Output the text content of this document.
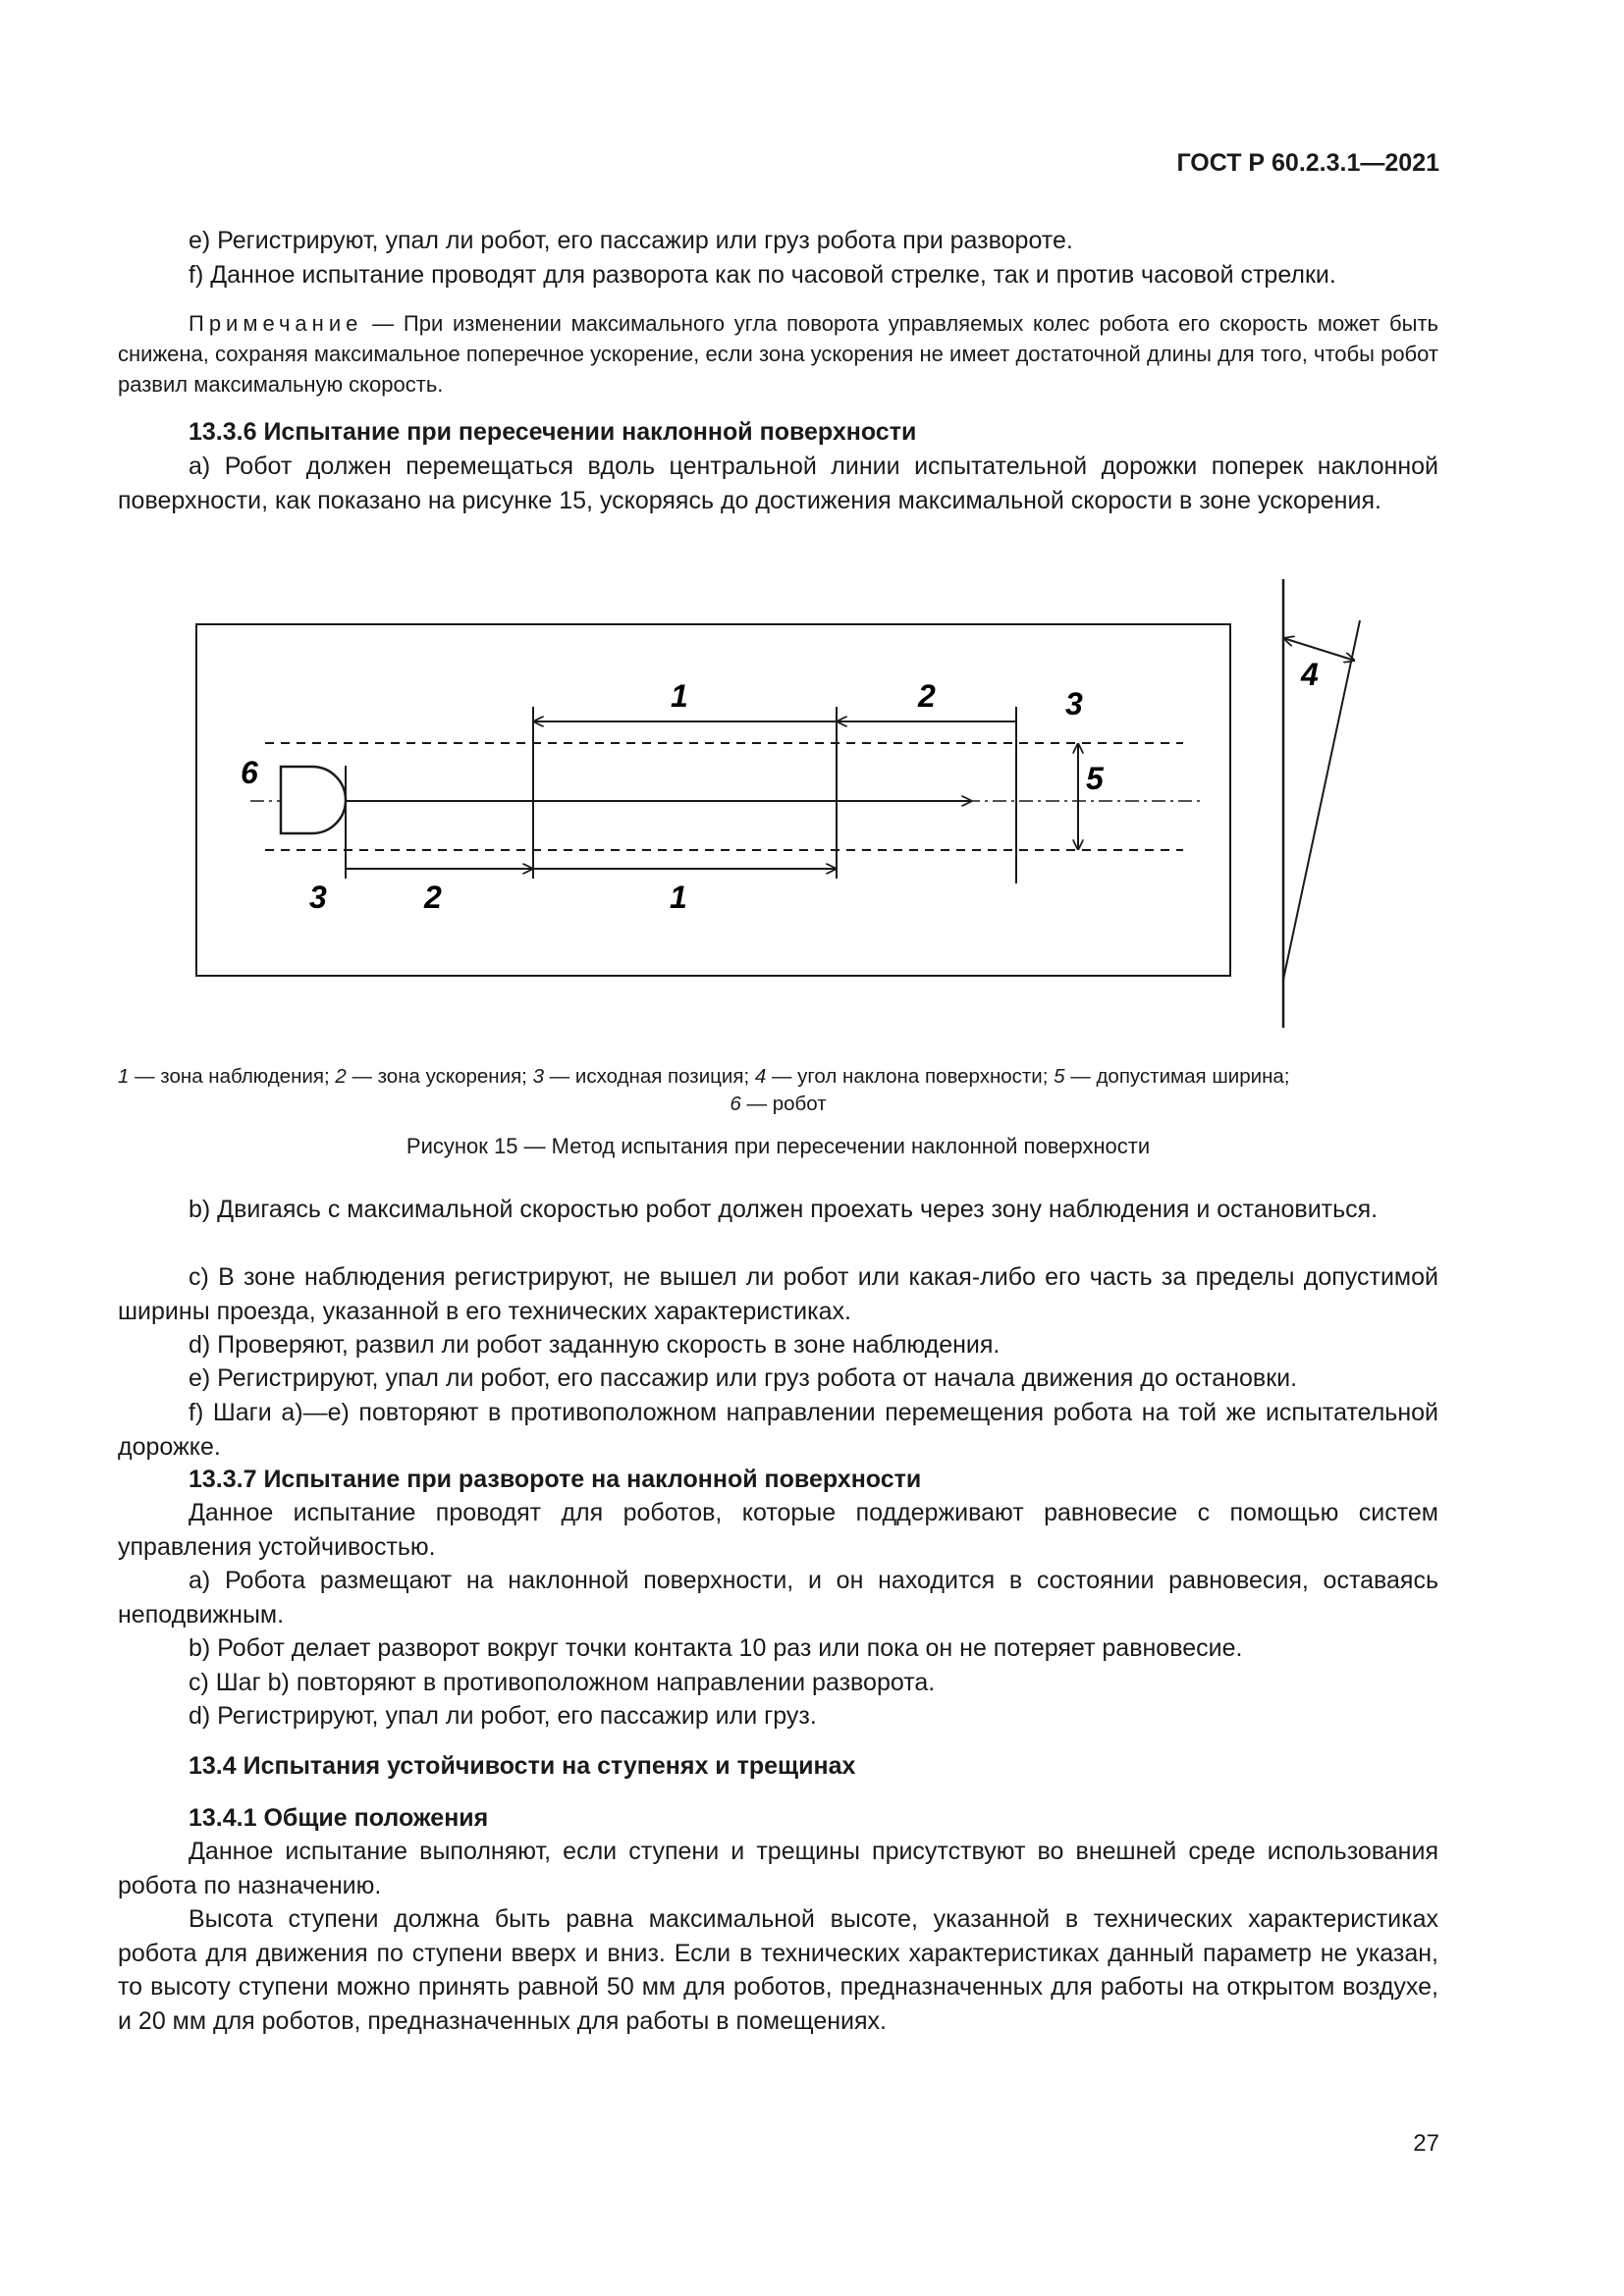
ГОСТ Р 60.2.3.1—2021
e) Регистрируют, упал ли робот, его пассажир или груз робота при развороте.
f) Данное испытание проводят для разворота как по часовой стрелке, так и против часовой стрелки.
Примечание — При изменении максимального угла поворота управляемых колес робота его скорость может быть снижена, сохраняя максимальное поперечное ускорение, если зона ускорения не имеет достаточной длины для того, чтобы робот развил максимальную скорость.
13.3.6 Испытание при пересечении наклонной поверхности
а) Робот должен перемещаться вдоль центральной линии испытательной дорожки поперек наклонной поверхности, как показано на рисунке 15, ускоряясь до достижения максимальной скорости в зоне ускорения.
1	2	3
5
6
3	2	1
4
1 — зона наблюдения; 2 — зона ускорения; 3 — исходная позиция; 4 — угол наклона поверхности; 5 — допустимая ширина;
6 — робот
Рисунок 15 — Метод испытания при пересечении наклонной поверхности
b) Двигаясь с максимальной скоростью робот должен проехать через зону наблюдения и остановиться.
c) В зоне наблюдения регистрируют, не вышел ли робот или какая-либо его часть за пределы допустимой ширины проезда, указанной в его технических характеристиках.
d) Проверяют, развил ли робот заданную скорость в зоне наблюдения.
e) Регистрируют, упал ли робот, его пассажир или груз робота от начала движения до остановки.
f) Шаги а)—e) повторяют в противоположном направлении перемещения робота на той же испытательной дорожке.
13.3.7 Испытание при развороте на наклонной поверхности
Данное испытание проводят для роботов, которые поддерживают равновесие с помощью систем управления устойчивостью.
а) Робота размещают на наклонной поверхности, и он находится в состоянии равновесия, оставаясь неподвижным.
b) Робот делает разворот вокруг точки контакта 10 раз или пока он не потеряет равновесие.
c) Шаг b) повторяют в противоположном направлении разворота.
d) Регистрируют, упал ли робот, его пассажир или груз.
13.4 Испытания устойчивости на ступенях и трещинах
13.4.1 Общие положения
Данное испытание выполняют, если ступени и трещины присутствуют во внешней среде использования робота по назначению.
Высота ступени должна быть равна максимальной высоте, указанной в технических характеристиках робота для движения по ступени вверх и вниз. Если в технических характеристиках данный параметр не указан, то высоту ступени можно принять равной 50 мм для роботов, предназначенных для работы на открытом воздухе, и 20 мм для роботов, предназначенных для работы в помещениях.
27
